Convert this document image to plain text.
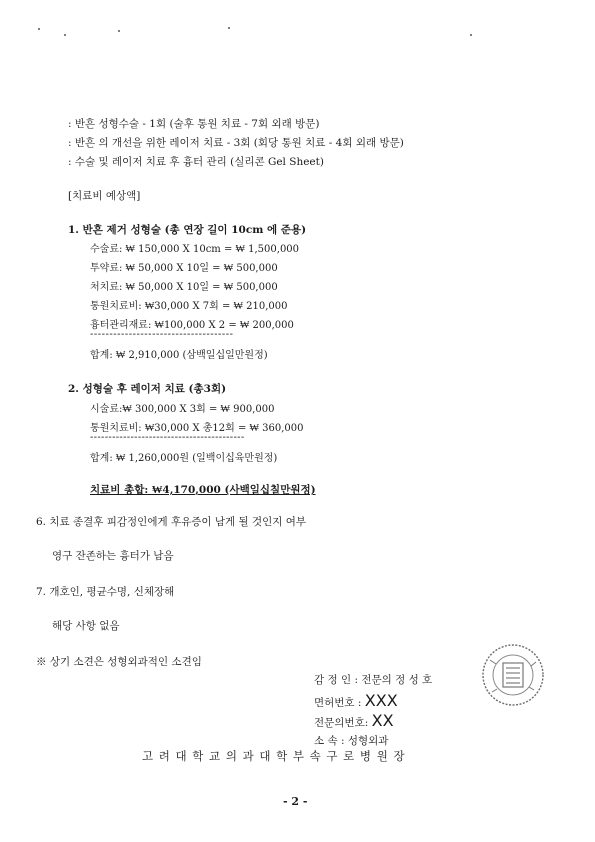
: 반흔 성형수술 - 1회 (술후 통원 치료 - 7회 외래 방문)
: 반흔 의 개선을 위한 레이저 치료 - 3회 (회당 통원 치료 - 4회 외래 방문)
: 수술 및 레이저 치료 후 흉터 관리 (실리콘 Gel Sheet)
[치료비 예상액]
1. 반흔 제거 성형술 (총 연장 길이 10cm 에 준용)
수술료: ₩ 150,000 X 10cm = ₩ 1,500,000
투약료: ₩ 50,000 X 10일 = ₩ 500,000
처치료: ₩ 50,000 X 10일 = ₩ 500,000
통원치료비: ₩30,000 X 7회 = ₩ 210,000
흉터관리재료: ₩100,000 X 2 = ₩ 200,000
-------------------------------------
합계: ₩ 2,910,000 (삼백일십일만원정)
2. 성형술 후 레이저 치료 (총3회)
시술료:₩ 300,000 X 3회 = ₩ 900,000
통원치료비: ₩30,000 X 총12회 = ₩ 360,000
------------------------------------------
합계: ₩ 1,260,000원 (일백이십육만원정)
치료비 총합: ₩4,170,000 (사백일십칠만원정)
6. 치료 종결후 피감정인에게 후유증이 남게 될 것인지 여부
영구 잔존하는 흉터가 남음
7. 개호인, 평균수명, 신체장해
해당 사항 없음
※ 상기 소견은 성형외과적인 소견임
감 정 인 : 전문의 정 성 호
면허번호 : XXX
전문의번호: XX
소 속 : 성형외과
고 려 대 학 교 의 과 대 학 부 속 구 로 병 원 장
- 2 -
